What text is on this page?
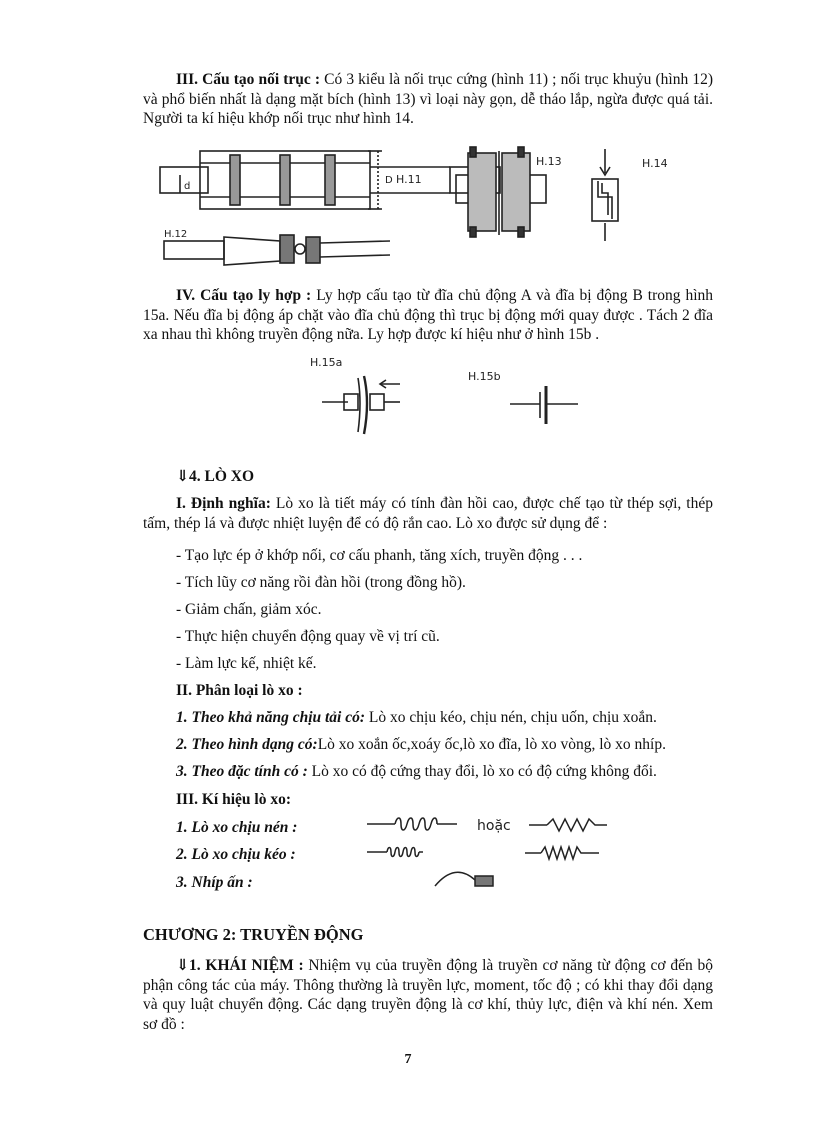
III. Cấu tạo nối trục : Có 3 kiểu là nối trục cứng (hình 11) ; nối trục khuỷu (hình 12) và phổ biến nhất là dạng mặt bích (hình 13) vì loại này gọn, dễ tháo lắp, ngừa được quá tải. Người ta kí hiệu khớp nối trục như hình 14.

d
D H.11
H.12
H.13	H.14

IV. Cấu tạo ly hợp : Ly hợp cấu tạo từ đĩa chủ động A và đĩa bị động B trong hình 15a. Nếu đĩa bị động áp chặt vào đĩa chủ động thì trục bị động mới quay được . Tách 2 đĩa xa nhau thì không truyền động nữa. Ly hợp được kí hiệu như ở hình 15b .

H.15a
H.15b

⇓4. LÒ XO

I. Định nghĩa: Lò xo là tiết máy có tính đàn hồi cao, được chế tạo từ thép sợi, thép tấm, thép lá và được nhiệt luyện để có độ rắn cao. Lò xo được sử dụng để :

- Tạo lực ép ở khớp nối, cơ cấu phanh, tăng xích, truyền động . . .

- Tích lũy cơ năng rồi đàn hồi (trong đồng hồ).

- Giảm chấn, giảm xóc.

- Thực hiện chuyển động quay về vị trí cũ.

- Làm lực kế, nhiệt kế.

II. Phân loại lò xo :

1. Theo khả năng chịu tải có: Lò xo chịu kéo, chịu nén, chịu uốn, chịu xoắn.

2. Theo hình dạng có:Lò xo xoắn ốc,xoáy ốc,lò xo đĩa, lò xo vòng, lò xo nhíp.

3. Theo đặc tính có : Lò xo có độ cứng thay đổi, lò xo có độ cứng không đổi.

III. Kí hiệu lò xo:

1. Lò xo chịu nén :

2. Lò xo chịu kéo :

3. Nhíp ấn :

hoặc

CHƯƠNG 2: TRUYỀN ĐỘNG

⇓1. KHÁI NIỆM : Nhiệm vụ của truyền động là truyền cơ năng từ động cơ đến bộ phận công tác của máy. Thông thường là truyền lực, moment, tốc độ ; có khi thay đổi dạng và quy luật chuyển động. Các dạng truyền động là cơ khí, thủy lực, điện và khí nén. Xem sơ đồ :

7
